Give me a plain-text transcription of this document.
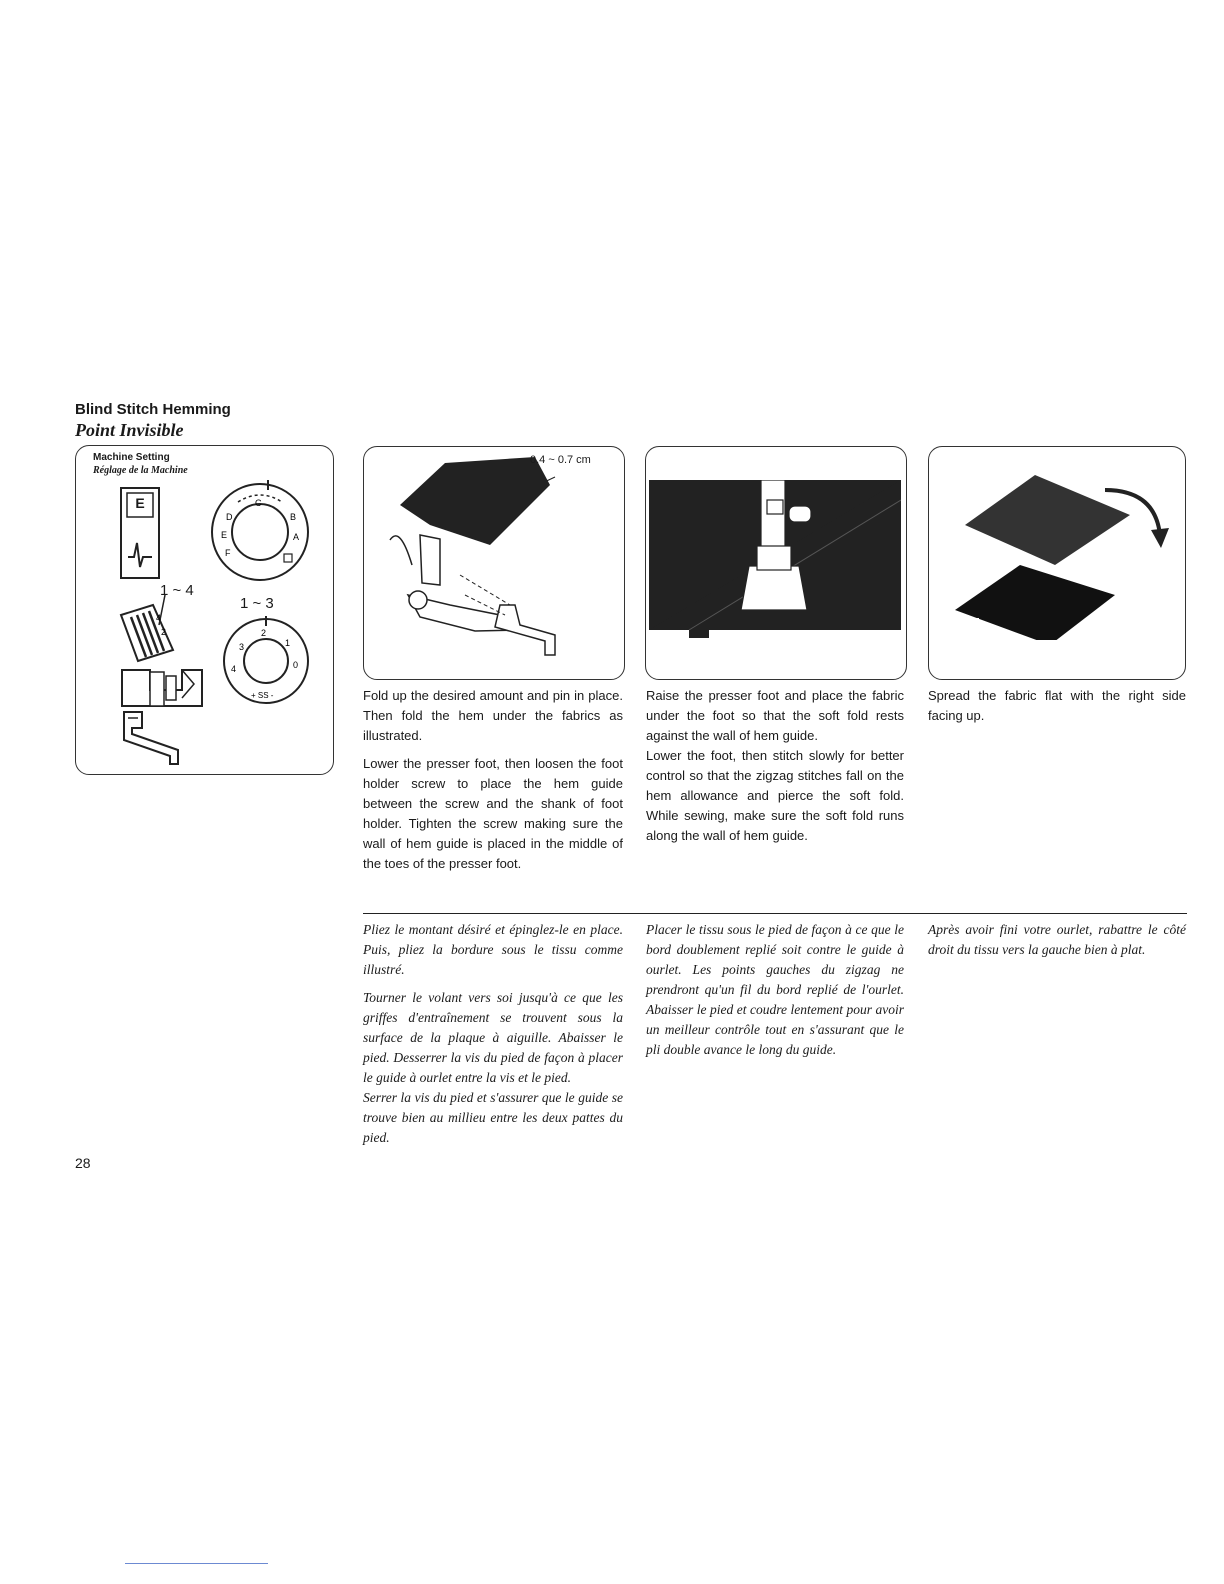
Blind Stitch Hemming
Point Invisible
Machine Setting
Réglage de la Machine
E
D
E
F
C
B
A
1 ~ 4
4
2
1 ~ 3
2
3
4
1
0
+ SS -
0.4 ~ 0.7 cm

Fold up the desired amount and pin in place. Then fold the hem under the fabrics as illustrated.

Lower the presser foot, then loosen the foot holder screw to place the hem guide between the screw and the shank of foot holder. Tighten the screw making sure the wall of hem guide is placed in the middle of the toes of the presser foot.

Raise the presser foot and place the fabric under the foot so that the soft fold rests against the wall of hem guide.

Lower the foot, then stitch slowly for better control so that the zigzag stitches fall on the hem allowance and pierce the soft fold. While sewing, make sure the soft fold runs along the wall of hem guide.

Spread the fabric flat with the right side facing up.

Pliez le montant désiré et épinglez-le en place. Puis, pliez la bordure sous le tissu comme illustré.

Tourner le volant vers soi jusqu'à ce que les griffes d'entraînement se trouvent sous la surface de la plaque à aiguille. Abaisser le pied. Desserrer la vis du pied de façon à placer le guide à ourlet entre la vis et le pied.

Serrer la vis du pied et s'assurer que le guide se trouve bien au millieu entre les deux pattes du pied.

Placer le tissu sous le pied de façon à ce que le bord doublement replié soit contre le guide à ourlet. Les points gauches du zigzag ne prendront qu'un fil du bord replié de l'ourlet. Abaisser le pied et coudre lentement pour avoir un meilleur contrôle tout en s'assurant que le pli double avance le long du guide.

Après avoir fini votre ourlet, rabattre le côté droit du tissu vers la gauche bien à plat.

28
